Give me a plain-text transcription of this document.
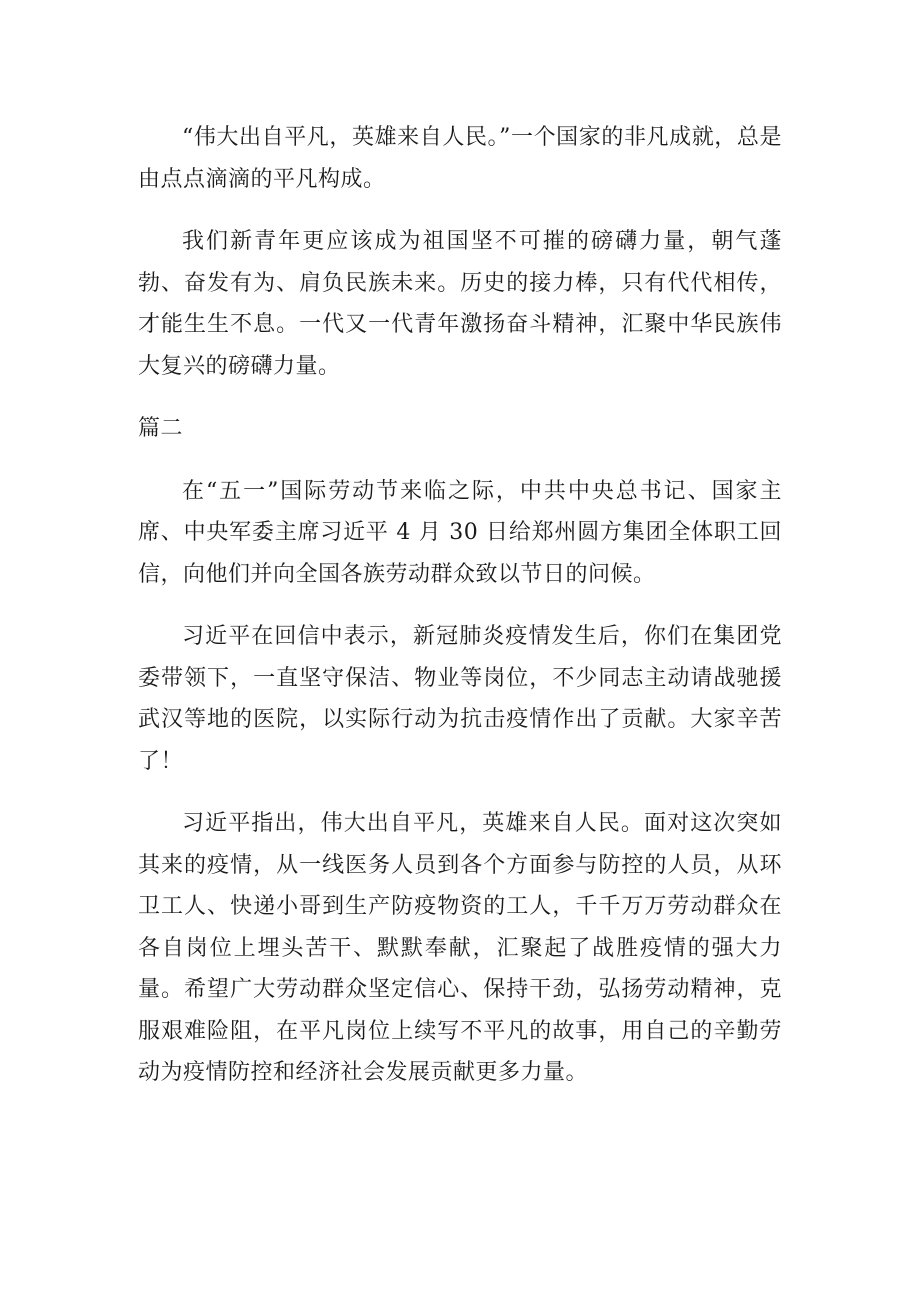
“伟大出自平凡，英雄来自人民。”一个国家的非凡成就，总是由点点滴滴的平凡构成。

我们新青年更应该成为祖国坚不可摧的磅礴力量，朝气蓬勃、奋发有为、肩负民族未来。历史的接力棒，只有代代相传，才能生生不息。一代又一代青年激扬奋斗精神，汇聚中华民族伟大复兴的磅礴力量。

篇二

在“五一”国际劳动节来临之际，中共中央总书记、国家主席、中央军委主席习近平 4 月 30 日给郑州圆方集团全体职工回信，向他们并向全国各族劳动群众致以节日的问候。

习近平在回信中表示，新冠肺炎疫情发生后，你们在集团党委带领下，一直坚守保洁、物业等岗位，不少同志主动请战驰援武汉等地的医院，以实际行动为抗击疫情作出了贡献。大家辛苦了！

习近平指出，伟大出自平凡，英雄来自人民。面对这次突如其来的疫情，从一线医务人员到各个方面参与防控的人员，从环卫工人、快递小哥到生产防疫物资的工人，千千万万劳动群众在各自岗位上埋头苦干、默默奉献，汇聚起了战胜疫情的强大力量。希望广大劳动群众坚定信心、保持干劲，弘扬劳动精神，克服艰难险阻，在平凡岗位上续写不平凡的故事，用自己的辛勤劳动为疫情防控和经济社会发展贡献更多力量。
